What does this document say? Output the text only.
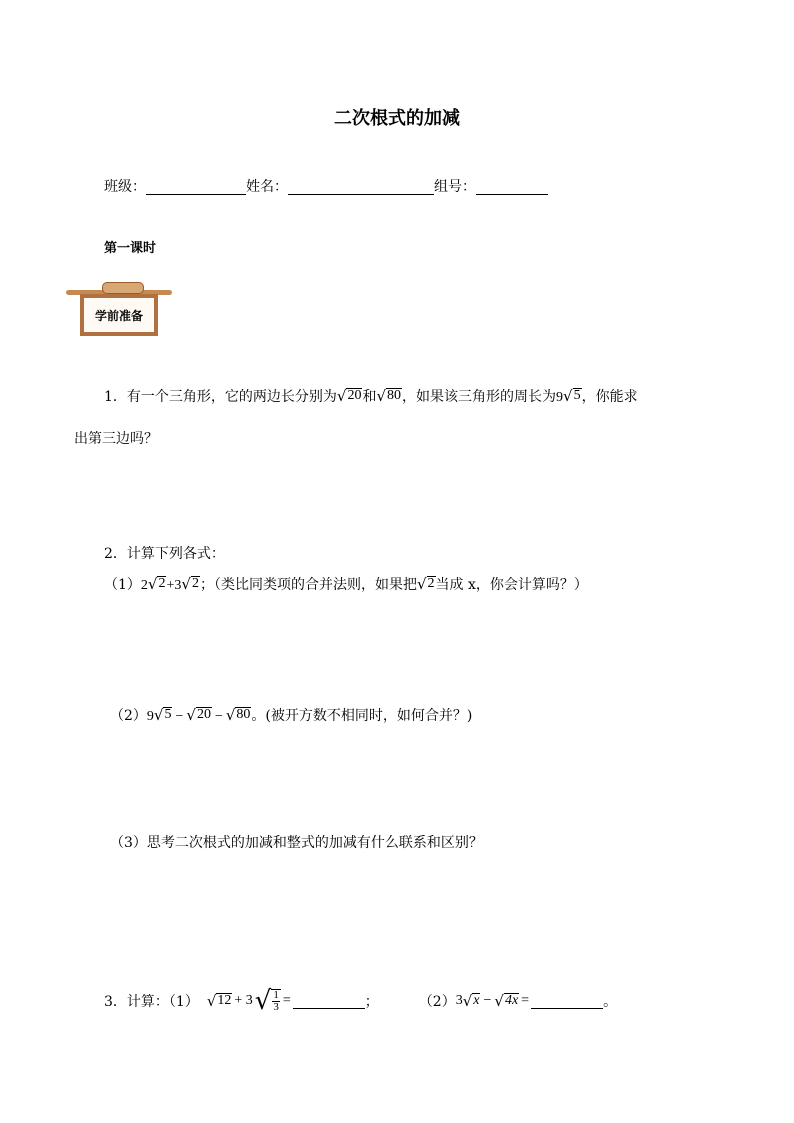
二次根式的加减
班级：	姓名：	组号：
第一课时
学前准备
1．有一个三角形，它的两边长分别为 √ 20 和 √ 80 ，如果该三角形的周长为9 √ 5 ，你能求
出第三边吗？
2．计算下列各式：
（1）2 √ 2 +3 √ 2 ；（类比同类项的合并法则，如果把 √ 2 当成 x，你会计算吗？）
（2）9 √ 5 − √ 20 − √ 80 。(被开方数不相同时，如何合并？)
（3）思考二次根式的加减和整式的加减有什么联系和区别？
3．计算：（1） √ 12 + 3 √ $\frac{1}{3}$ =	；	（2） 3 √ x − √ 4x =	。
